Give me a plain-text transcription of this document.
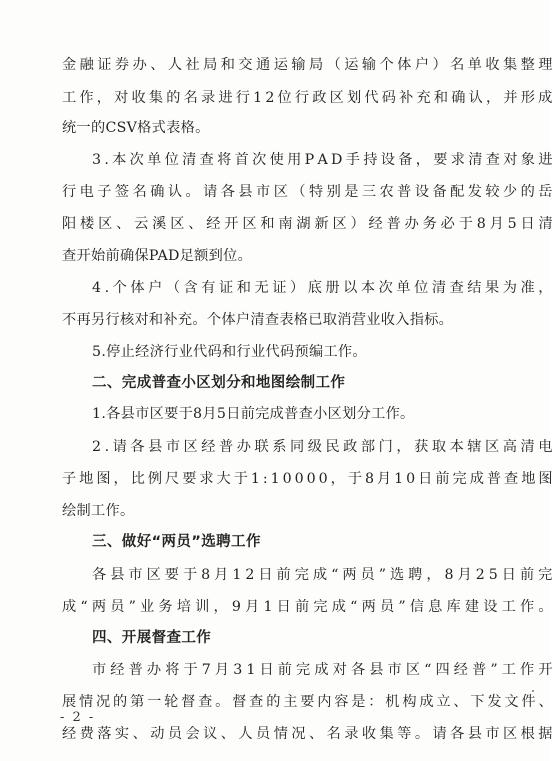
金 融 证 券 办 、 人 社 局 和 交 通 运 输 局 （ 运 输 个 体 户 ） 名 单 收 集 整 理
工 作 ， 对 收 集 的 名 录 进 行 1 2 位 行 政 区 划 代 码 补 充 和 确 认 ， 并 形 成
统一的CSV格式表格。
3 . 本 次 单 位 清 查 将 首 次 使 用 P A D 手 持 设 备 ， 要 求 清 查 对 象 进
行 电 子 签 名 确 认 。 请 各 县 市 区 （ 特 别 是 三 农 普 设 备 配 发 较 少 的 岳
阳 楼 区 、 云 溪 区 、 经 开 区 和 南 湖 新 区 ） 经 普 办 务 必 于 8 月 5 日 清
查开始前确保PAD足额到位。
4 . 个 体 户 （ 含 有 证 和 无 证 ） 底 册 以 本 次 单 位 清 查 结 果 为 准 ，
不再另行核对和补充。个体户清查表格已取消营业收入指标。
5.停止经济行业代码和行业代码预编工作。
二、完成普查小区划分和地图绘制工作
1.各县市区要于8月5日前完成普查小区划分工作。
2 . 请 各 县 市 区 经 普 办 联 系 同 级 民 政 部 门 ， 获 取 本 辖 区 高 清 电
子 地 图 ， 比 例 尺 要 求 大 于 1 : 1 0 0 0 0 ， 于 8 月 1 0 日 前 完 成 普 查 地 图
绘制工作。
三、做好“两员”选聘工作
各 县 市 区 要 于 8 月 1 2 日 前 完 成 “ 两 员 ” 选 聘 ， 8 月 2 5 日 前 完
成 “ 两 员 ” 业 务 培 训 ， 9 月 1 日 前 完 成 “ 两 员 ” 信 息 库 建 设 工 作 。
四、开展督查工作
市 经 普 办 将 于 7 月 3 1 日 前 完 成 对 各 县 市 区 “ 四 经 普 ” 工 作 开
展 情 况 的 第 一 轮 督 查 。 督 查 的 主 要 内 容 是 ： 机 构 成 立 、 下 发 文 件 、
经 费 落 实 、 动 员 会 议 、 人 员 情 况 、 名 录 收 集 等 。 请 各 县 市 区 根 据
- 2 -
